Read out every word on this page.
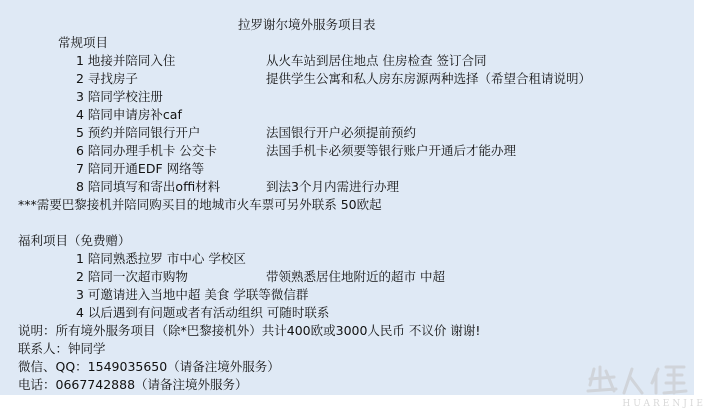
拉罗谢尔境外服务项目表
常规项目
1 地接并陪同入住	从火车站到居住地点 住房检查 签订合同
2 寻找房子	提供学生公寓和私人房东房源两种选择（希望合租请说明）
3 陪同学校注册
4 陪同申请房补caf
5 预约并陪同银行开户	法国银行开户必须提前预约
6 陪同办理手机卡 公交卡	法国手机卡必须要等银行账户开通后才能办理
7 陪同开通EDF 网络等
8 陪同填写和寄出offi材料	到法3个月内需进行办理
***需要巴黎接机并陪同购买目的地城市火车票可另外联系 50欧起
福利项目（免费赠）
1 陪同熟悉拉罗 市中心 学校区
2 陪同一次超市购物	带领熟悉居住地附近的超市 中超
3 可邀请进入当地中超 美食 学联等微信群
4 以后遇到有问题或者有活动组织 可随时联系
说明：所有境外服务项目（除*巴黎接机外）共计400欧或3000人民币 不议价 谢谢!
联系人：钟同学
微信、QQ：1549035650（请备注境外服务）
电话：0667742888（请备注境外服务）
HUARENJIE
